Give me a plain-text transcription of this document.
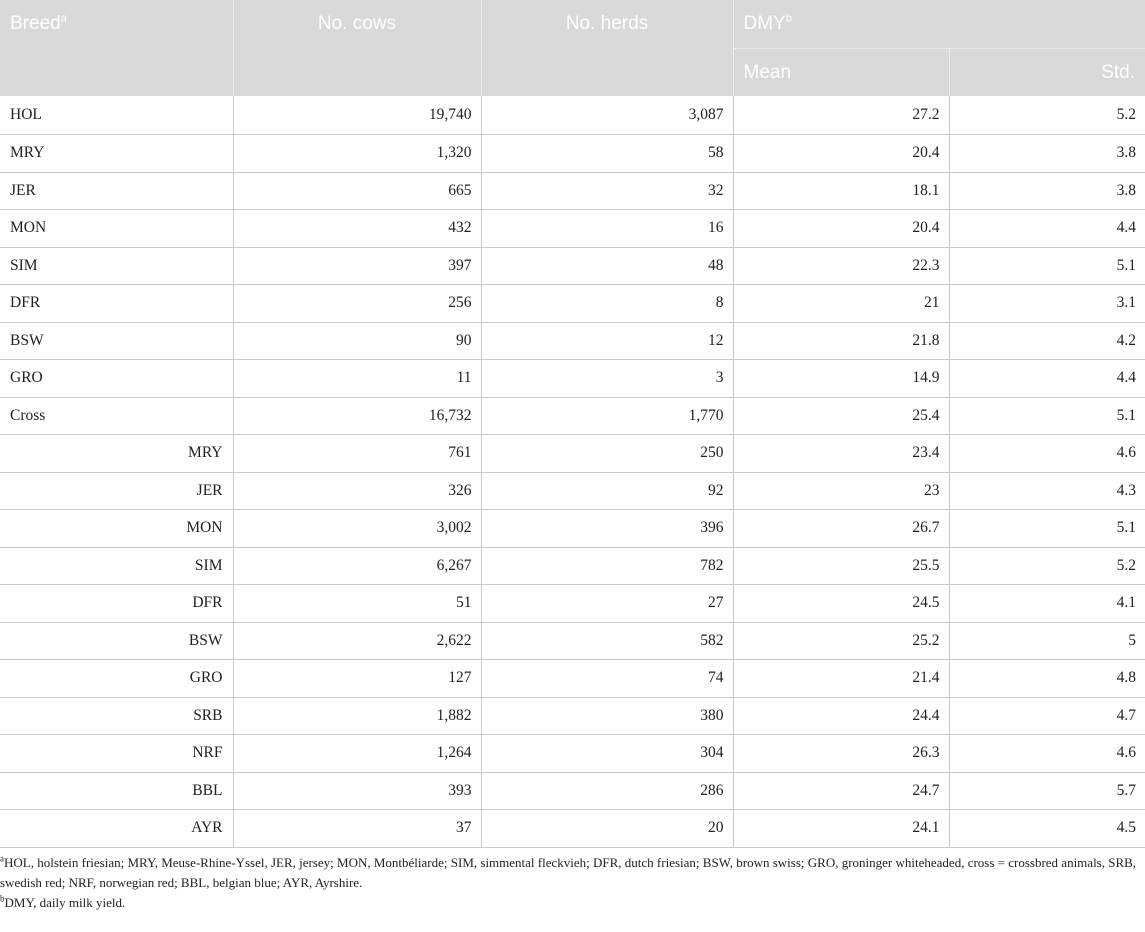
Breed$^a$	No. cows	No. herds	DMY$^b$
			Mean	Std.
HOL	19,740	3,087	27.2	5.2
MRY	1,320	58	20.4	3.8
JER	665	32	18.1	3.8
MON	432	16	20.4	4.4
SIM	397	48	22.3	5.1
DFR	256	8	21	3.1
BSW	90	12	21.8	4.2
GRO	11	3	14.9	4.4
Cross	16,732	1,770	25.4	5.1
MRY	761	250	23.4	4.6
JER	326	92	23	4.3
MON	3,002	396	26.7	5.1
SIM	6,267	782	25.5	5.2
DFR	51	27	24.5	4.1
BSW	2,622	582	25.2	5
GRO	127	74	21.4	4.8
SRB	1,882	380	24.4	4.7
NRF	1,264	304	26.3	4.6
BBL	393	286	24.7	5.7
AYR	37	20	24.1	4.5

$^a$HOL, holstein friesian; MRY, Meuse-Rhine-Yssel, JER, jersey; MON, Montbéliarde; SIM, simmental fleckvieh; DFR, dutch friesian; BSW, brown swiss; GRO, groninger whiteheaded, cross = crossbred animals, SRB, swedish red; NRF, norwegian red; BBL, belgian blue; AYR, Ayrshire.

$^b$DMY, daily milk yield.
